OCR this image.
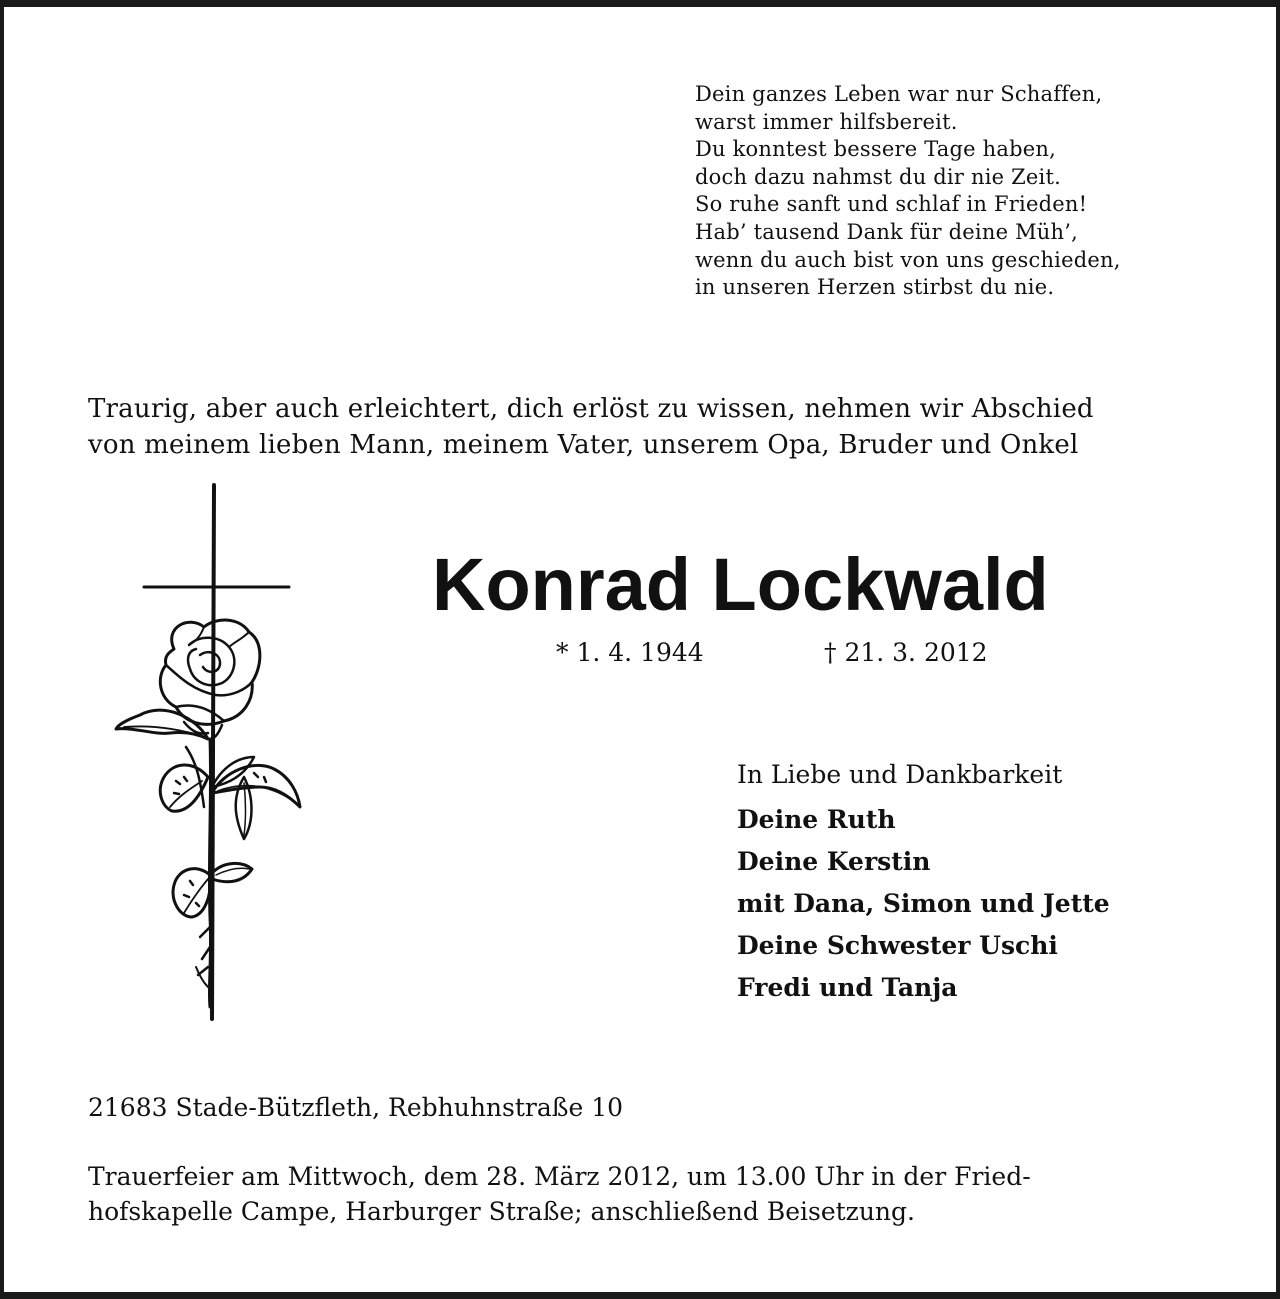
Dein ganzes Leben war nur Schaffen,
warst immer hilfsbereit.
Du konntest bessere Tage haben,
doch dazu nahmst du dir nie Zeit.
So ruhe sanft und schlaf in Frieden!
Hab’ tausend Dank für deine Müh’,
wenn du auch bist von uns geschieden,
in unseren Herzen stirbst du nie.
Traurig, aber auch erleichtert, dich erlöst zu wissen, nehmen wir Abschied
von meinem lieben Mann, meinem Vater, unserem Opa, Bruder und Onkel
Konrad Lockwald
* 1. 4. 1944	† 21. 3. 2012
In Liebe und Dankbarkeit
Deine Ruth
Deine Kerstin
mit Dana, Simon und Jette
Deine Schwester Uschi
Fredi und Tanja
21683 Stade-Bützfleth, Rebhuhnstraße 10
Trauerfeier am Mittwoch, dem 28. März 2012, um 13.00 Uhr in der Fried-
hofskapelle Campe, Harburger Straße; anschließend Beisetzung.
